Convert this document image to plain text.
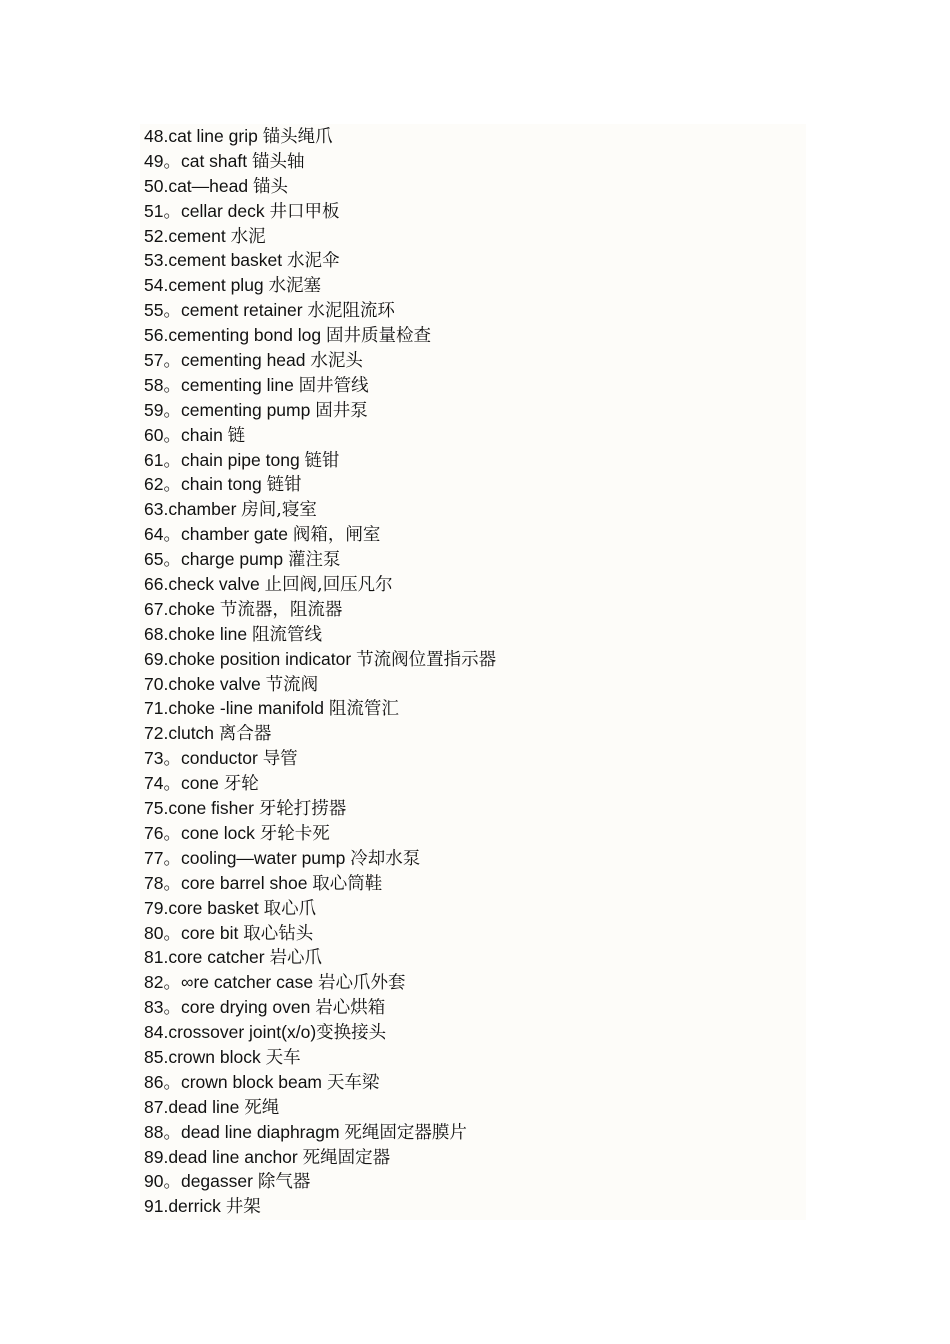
48.cat line grip 锚头绳爪
49。cat shaft 锚头轴
50.cat—head 锚头
51。cellar deck 井口甲板
52.cement 水泥
53.cement basket 水泥伞
54.cement plug 水泥塞
55。cement retainer 水泥阻流环
56.cementing bond log 固井质量检查
57。cementing head 水泥头
58。cementing line 固井管线
59。cementing pump 固井泵
60。chain 链
61。chain pipe tong 链钳
62。chain tong 链钳
63.chamber 房间,寝室
64。chamber gate 阀箱，闸室
65。charge pump 灌注泵
66.check valve 止回阀,回压凡尔
67.choke 节流器，阻流器
68.choke line 阻流管线
69.choke position indicator 节流阀位置指示器
70.choke valve 节流阀
71.choke -line manifold 阻流管汇
72.clutch 离合器
73。conductor 导管
74。cone 牙轮
75.cone fisher 牙轮打捞器
76。cone lock 牙轮卡死
77。cooling—water pump 冷却水泵
78。core barrel shoe 取心筒鞋
79.core basket 取心爪
80。core bit 取心钻头
81.core catcher 岩心爪
82。∞re catcher case 岩心爪外套
83。core drying oven 岩心烘箱
84.crossover joint(x/o)变换接头
85.crown block 天车
86。crown block beam 天车梁
87.dead line 死绳
88。dead line diaphragm 死绳固定器膜片
89.dead line anchor 死绳固定器
90。degasser 除气器
91.derrick 井架
